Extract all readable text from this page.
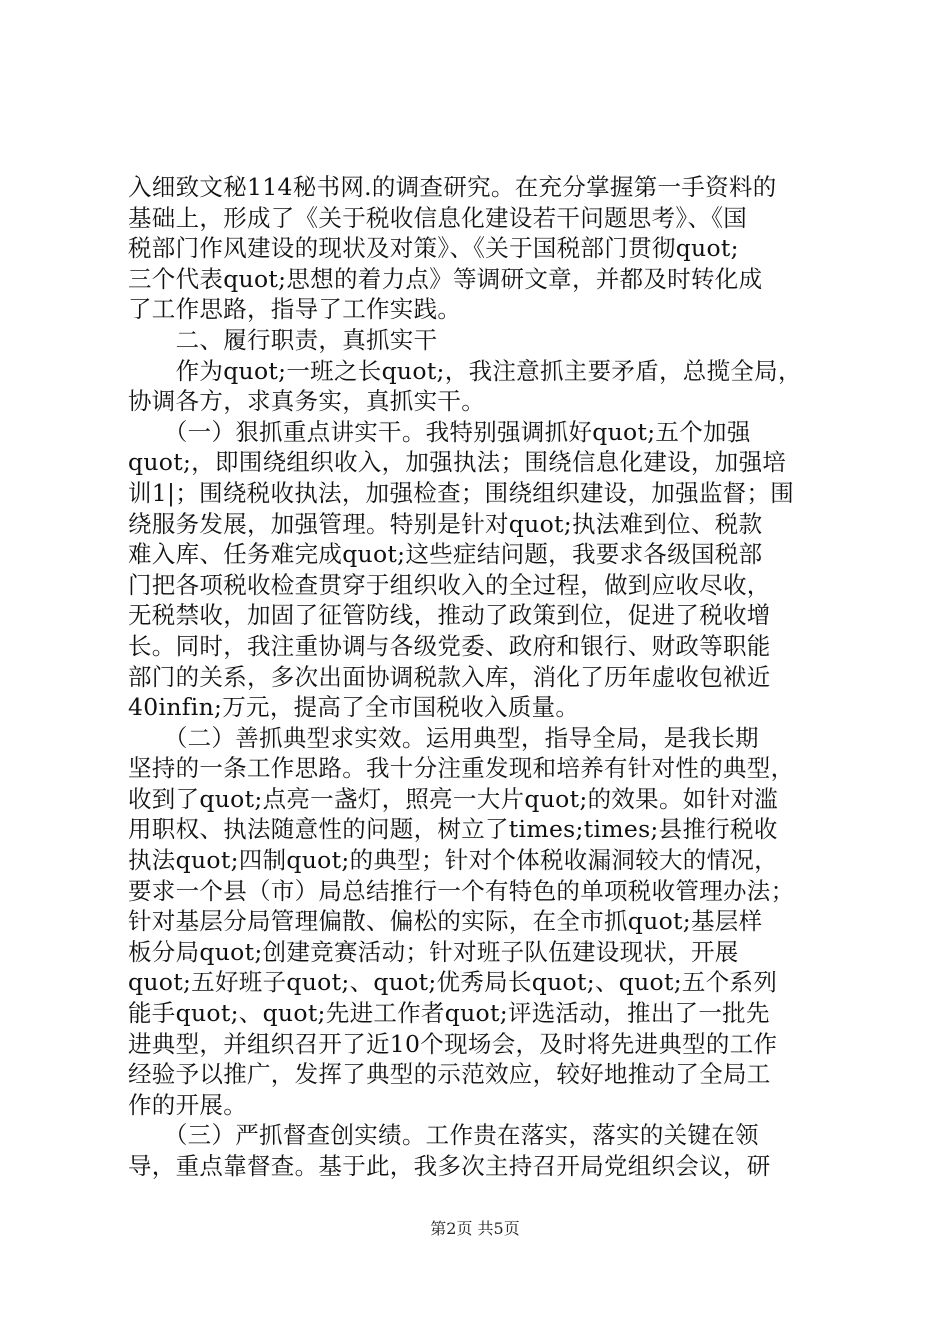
入细致文秘114秘书网.的调查研究。在充分掌握第一手资料的
基础上，形成了《关于税收信息化建设若干问题思考》、《国
税部门作风建设的现状及对策》、《关于国税部门贯彻quot;
三个代表quot;思想的着力点》等调研文章，并都及时转化成
了工作思路，指导了工作实践。
　　二、履行职责，真抓实干
　　作为quot;一班之长quot;，我注意抓主要矛盾，总揽全局，
协调各方，求真务实，真抓实干。
　　（一）狠抓重点讲实干。我特别强调抓好quot;五个加强
quot;，即围绕组织收入，加强执法；围绕信息化建设，加强培
训1|；围绕税收执法，加强检查；围绕组织建设，加强监督；围
绕服务发展，加强管理。特别是针对quot;执法难到位、税款
难入库、任务难完成quot;这些症结问题，我要求各级国税部
门把各项税收检查贯穿于组织收入的全过程，做到应收尽收，
无税禁收，加固了征管防线，推动了政策到位，促进了税收增
长。同时，我注重协调与各级党委、政府和银行、财政等职能
部门的关系，多次出面协调税款入库，消化了历年虚收包袱近
40infin;万元，提高了全市国税收入质量。
　　（二）善抓典型求实效。运用典型，指导全局，是我长期
坚持的一条工作思路。我十分注重发现和培养有针对性的典型，
收到了quot;点亮一盏灯，照亮一大片quot;的效果。如针对滥
用职权、执法随意性的问题，树立了times;times;县推行税收
执法quot;四制quot;的典型；针对个体税收漏洞较大的情况，
要求一个县（市）局总结推行一个有特色的单项税收管理办法；
针对基层分局管理偏散、偏松的实际，在全市抓quot;基层样
板分局quot;创建竞赛活动；针对班子队伍建设现状，开展
quot;五好班子quot;、quot;优秀局长quot;、quot;五个系列
能手quot;、quot;先进工作者quot;评选活动，推出了一批先
进典型，并组织召开了近10个现场会，及时将先进典型的工作
经验予以推广，发挥了典型的示范效应，较好地推动了全局工
作的开展。
　　（三）严抓督查创实绩。工作贵在落实，落实的关键在领
导，重点靠督查。基于此，我多次主持召开局党组织会议，研
第2页 共5页
